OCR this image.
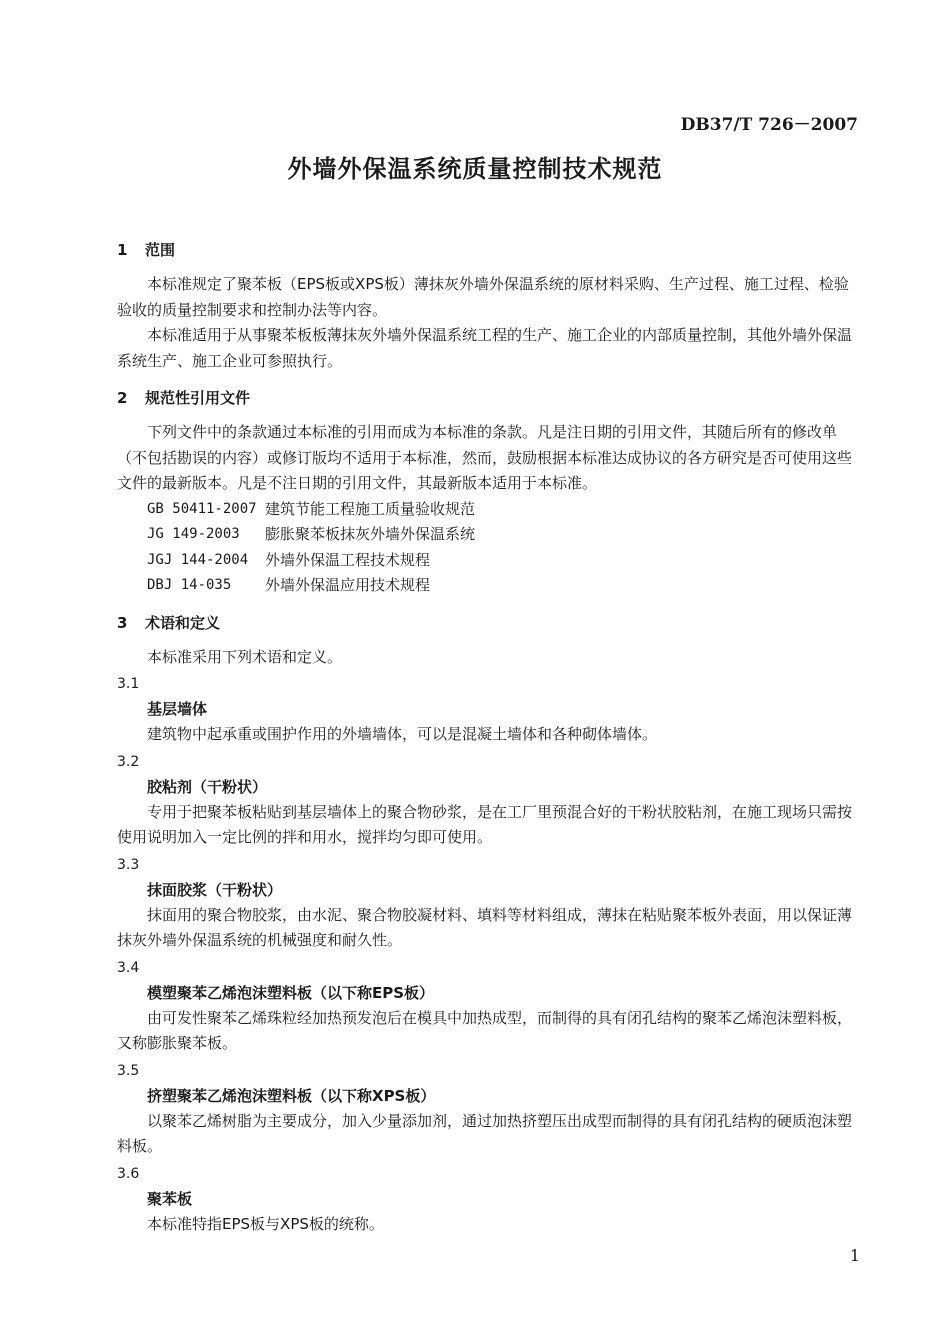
DB37/T 726－2007
外墙外保温系统质量控制技术规范
1 范围

本标准规定了聚苯板（EPS板或XPS板）薄抹灰外墙外保温系统的原材料采购、生产过程、施工过程、检验验收的质量控制要求和控制办法等内容。

本标准适用于从事聚苯板板薄抹灰外墙外保温系统工程的生产、施工企业的内部质量控制，其他外墙外保温系统生产、施工企业可参照执行。

2 规范性引用文件

下列文件中的条款通过本标准的引用而成为本标准的条款。凡是注日期的引用文件，其随后所有的修改单（不包括勘误的内容）或修订版均不适用于本标准，然而，鼓励根据本标准达成协议的各方研究是否可使用这些文件的最新版本。凡是不注日期的引用文件，其最新版本适用于本标准。

GB 50411-2007 建筑节能工程施工质量验收规范
JG 149-2003	膨胀聚苯板抹灰外墙外保温系统
JGJ 144-2004	外墙外保温工程技术规程
DBJ 14-035	外墙外保温应用技术规程
3 术语和定义

本标准采用下列术语和定义。

3.1
基层墙体

建筑物中起承重或围护作用的外墙墙体，可以是混凝土墙体和各种砌体墙体。

3.2
胶粘剂（干粉状）

专用于把聚苯板粘贴到基层墙体上的聚合物砂浆，是在工厂里预混合好的干粉状胶粘剂，在施工现场只需按使用说明加入一定比例的拌和用水，搅拌均匀即可使用。

3.3
抹面胶浆（干粉状）

抹面用的聚合物胶浆，由水泥、聚合物胶凝材料、填料等材料组成，薄抹在粘贴聚苯板外表面，用以保证薄抹灰外墙外保温系统的机械强度和耐久性。

3.4
模塑聚苯乙烯泡沫塑料板（以下称EPS板）

由可发性聚苯乙烯珠粒经加热预发泡后在模具中加热成型，而制得的具有闭孔结构的聚苯乙烯泡沫塑料板，又称膨胀聚苯板。

3.5
挤塑聚苯乙烯泡沫塑料板（以下称XPS板）

以聚苯乙烯树脂为主要成分，加入少量添加剂，通过加热挤塑压出成型而制得的具有闭孔结构的硬质泡沫塑料板。

3.6
聚苯板

本标准特指EPS板与XPS板的统称。

1
